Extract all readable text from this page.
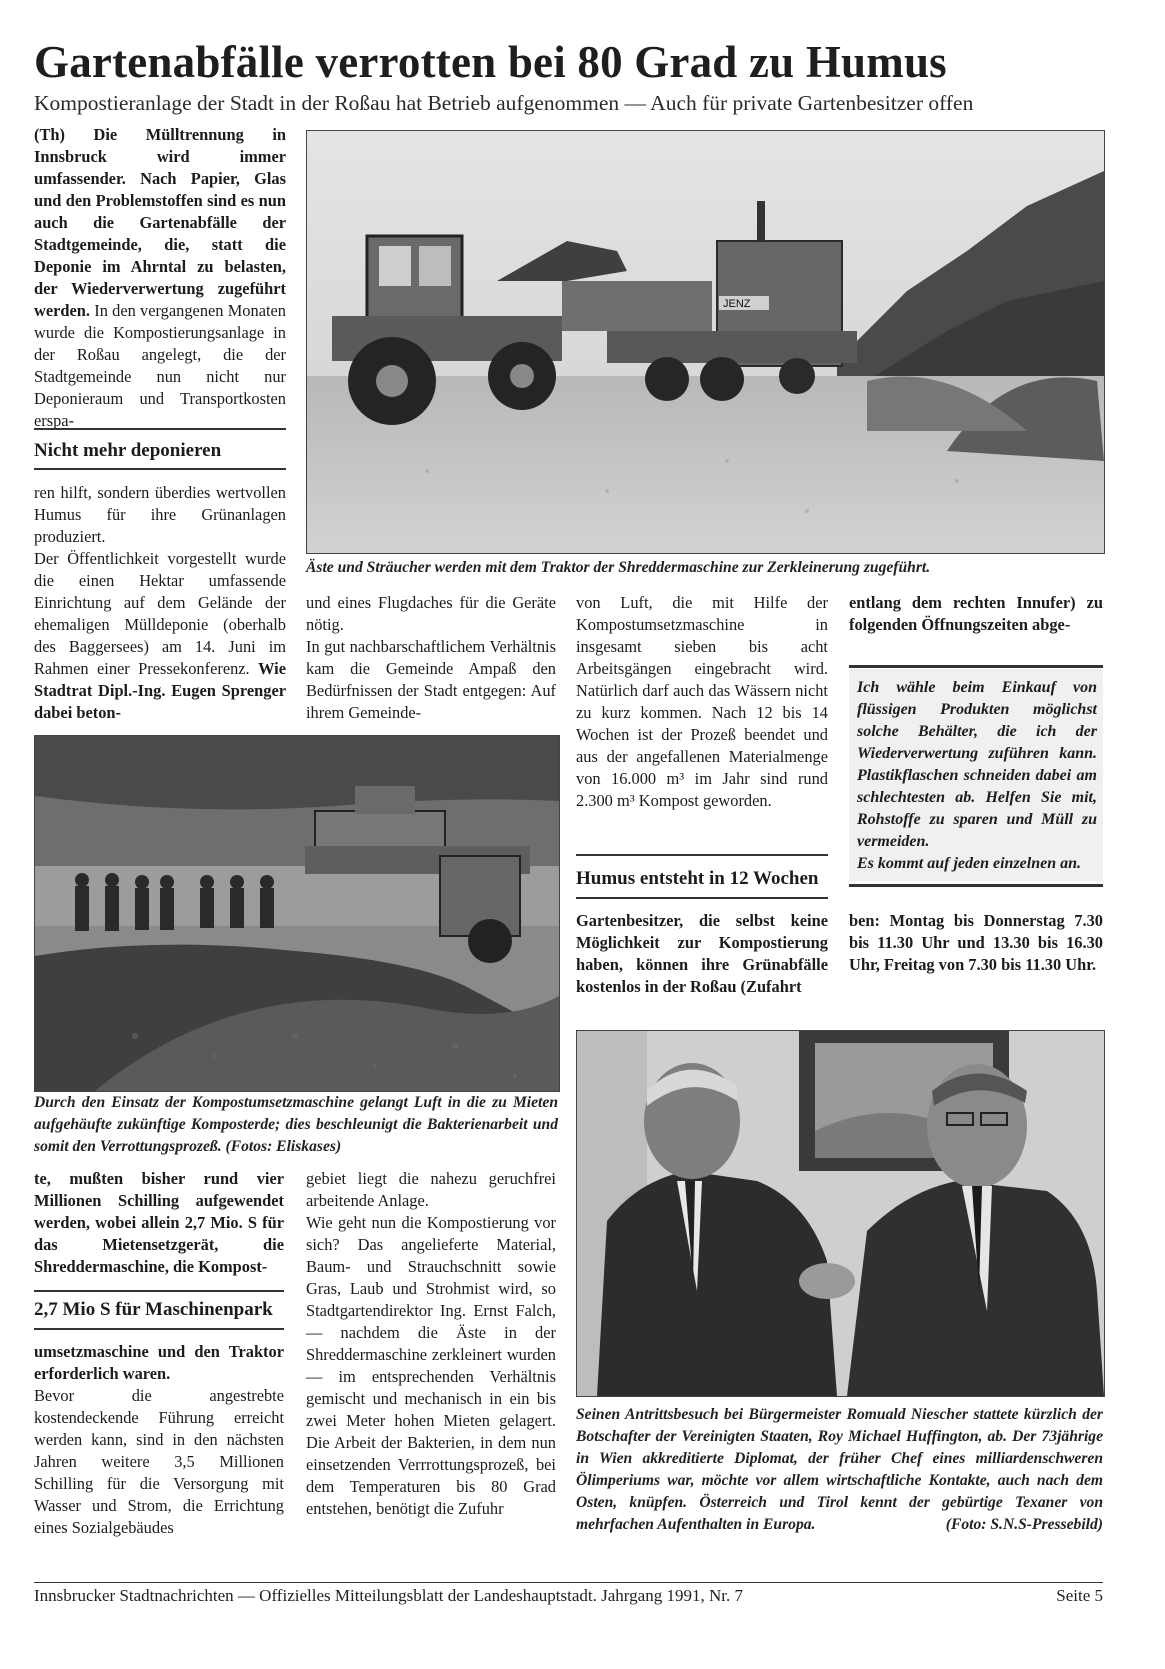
Gartenabfälle verrotten bei 80 Grad zu Humus
Kompostieranlage der Stadt in der Roßau hat Betrieb aufgenommen — Auch für private Gartenbesitzer offen

(Th) Die Mülltrennung in Innsbruck wird immer umfassender. Nach Papier, Glas und den Problemstoffen sind es nun auch die Gartenabfälle der Stadtgemeinde, die, statt die Deponie im Ahrntal zu belasten, der Wiederverwertung zugeführt werden. In den vergangenen Monaten wurde die Kompostierungsanlage in der Roßau angelegt, die der Stadtgemeinde nun nicht nur Deponieraum und Transportkosten erspa-

Nicht mehr deponieren

ren hilft, sondern überdies wertvollen Humus für ihre Grünanlagen produziert.

Der Öffentlichkeit vorgestellt wurde die einen Hektar umfassende Einrichtung auf dem Gelände der ehemaligen Mülldeponie (oberhalb des Baggersees) am 14. Juni im Rahmen einer Pressekonferenz. Wie Stadtrat Dipl.-Ing. Eugen Sprenger dabei beton-

JENZ
Äste und Sträucher werden mit dem Traktor der Shreddermaschine zur Zerkleinerung zugeführt.

und eines Flugdaches für die Geräte nötig.

In gut nachbarschaftlichem Verhältnis kam die Gemeinde Ampaß den Bedürfnissen der Stadt entgegen: Auf ihrem Gemeinde-

von Luft, die mit Hilfe der Kompostumsetzmaschine in insgesamt sieben bis acht Arbeitsgängen eingebracht wird. Natürlich darf auch das Wässern nicht zu kurz kommen. Nach 12 bis 14 Wochen ist der Prozeß beendet und aus der angefallenen Materialmenge von 16.000 m³ im Jahr sind rund 2.300 m³ Kompost geworden.

Humus entsteht in 12 Wochen
Gartenbesitzer, die selbst keine Möglichkeit zur Kompostierung haben, können ihre Grünabfälle kostenlos in der Roßau (Zufahrt
entlang dem rechten Innufer) zu folgenden Öffnungszeiten abge-
Ich wähle beim Einkauf von flüssigen Produkten möglichst solche Behälter, die ich der Wiederverwertung zuführen kann. Plastikflaschen schneiden dabei am schlechtesten ab. Helfen Sie mit, Rohstoffe zu sparen und Müll zu vermeiden.
Es kommt auf jeden einzelnen an.
ben: Montag bis Donnerstag 7.30 bis 11.30 Uhr und 13.30 bis 16.30 Uhr, Freitag von 7.30 bis 11.30 Uhr.
Durch den Einsatz der Kompostumsetzmaschine gelangt Luft in die zu Mieten aufgehäufte zukünftige Komposterde; dies beschleunigt die Bakterienarbeit und somit den Verrottungsprozeß. (Fotos: Eliskases)
te, mußten bisher rund vier Millionen Schilling aufgewendet werden, wobei allein 2,7 Mio. S für das Mietensetzgerät, die Shreddermaschine, die Kompost-
2,7 Mio S für Maschinenpark

umsetzmaschine und den Traktor erforderlich waren.

Bevor die angestrebte kostendeckende Führung erreicht werden kann, sind in den nächsten Jahren weitere 3,5 Millionen Schilling für die Versorgung mit Wasser und Strom, die Errichtung eines Sozialgebäudes

gebiet liegt die nahezu geruchfrei arbeitende Anlage.

Wie geht nun die Kompostierung vor sich? Das angelieferte Material, Baum- und Strauchschnitt sowie Gras, Laub und Strohmist wird, so Stadtgartendirektor Ing. Ernst Falch, — nachdem die Äste in der Shreddermaschine zerkleinert wurden — im entsprechenden Verhältnis gemischt und mechanisch in ein bis zwei Meter hohen Mieten gelagert. Die Arbeit der Bakterien, in dem nun einsetzenden Verrrottungsprozeß, bei dem Temperaturen bis 80 Grad entstehen, benötigt die Zufuhr

Seinen Antrittsbesuch bei Bürgermeister Romuald Niescher stattete kürzlich der Botschafter der Vereinigten Staaten, Roy Michael Huffington, ab. Der 73jährige in Wien akkreditierte Diplomat, der früher Chef eines milliardenschweren Ölimperiums war, möchte vor allem wirtschaftliche Kontakte, auch nach dem Osten, knüpfen. Österreich und Tirol kennt der gebürtige Texaner von mehrfachen Aufenthalten in Europa.	(Foto: S.N.S-Pressebild)
Innsbrucker Stadtnachrichten — Offizielles Mitteilungsblatt der Landeshauptstadt. Jahrgang 1991, Nr. 7	Seite 5
